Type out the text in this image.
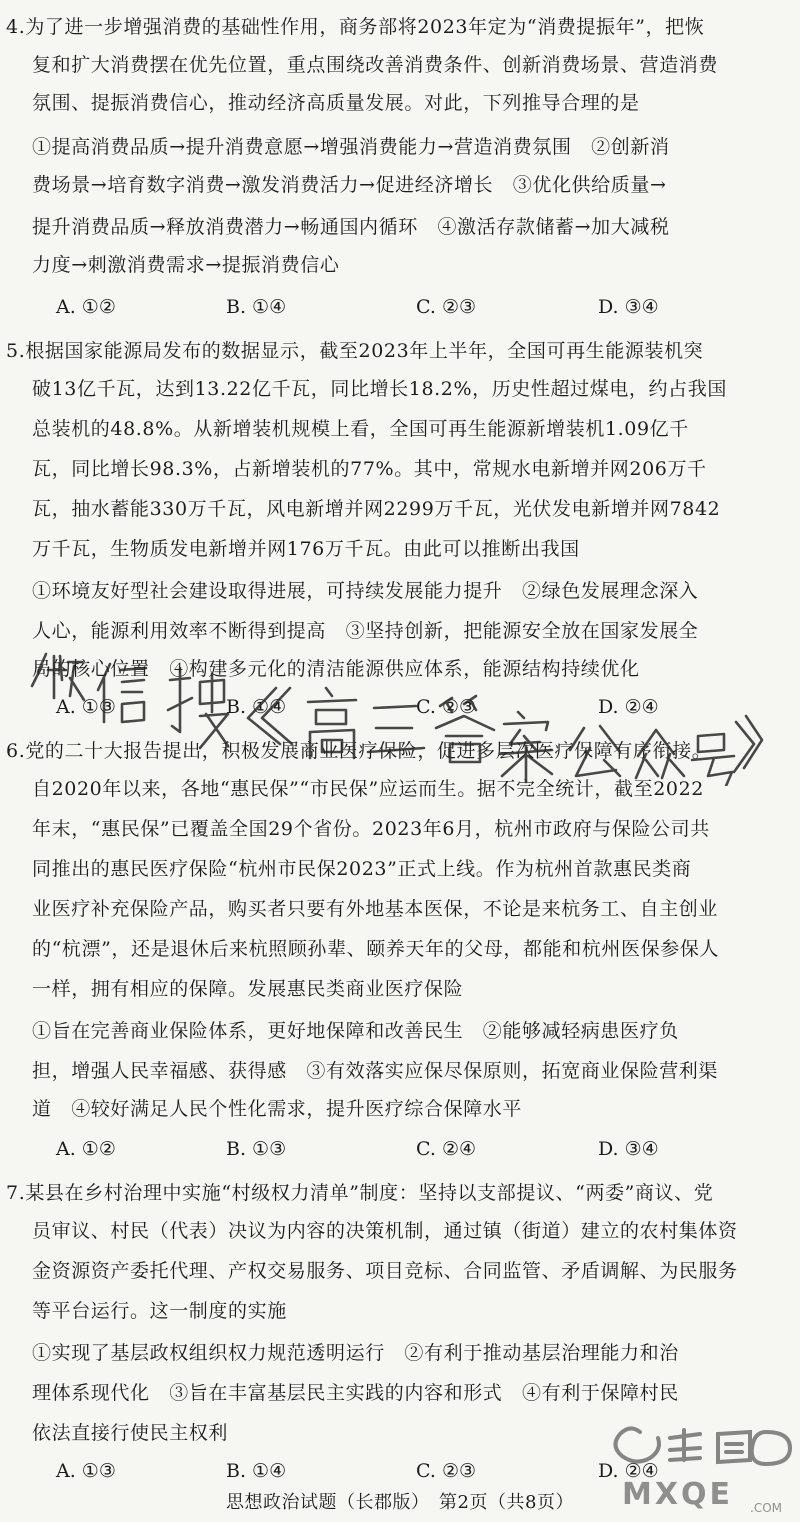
4.为了进一步增强消费的基础性作用，商务部将2023年定为“消费提振年”，把恢
复和扩大消费摆在优先位置，重点围绕改善消费条件、创新消费场景、营造消费
氛围、提振消费信心，推动经济高质量发展。对此，下列推导合理的是
①提高消费品质→提升消费意愿→增强消费能力→营造消费氛围　②创新消
费场景→培育数字消费→激发消费活力→促进经济增长　③优化供给质量→
提升消费品质→释放消费潜力→畅通国内循环　④激活存款储蓄→加大减税
力度→刺激消费需求→提振消费信心
A. ①②	B. ①④	C. ②③	D. ③④
5.根据国家能源局发布的数据显示，截至2023年上半年，全国可再生能源装机突
破13亿千瓦，达到13.22亿千瓦，同比增长18.2%，历史性超过煤电，约占我国
总装机的48.8%。从新增装机规模上看，全国可再生能源新增装机1.09亿千
瓦，同比增长98.3%，占新增装机的77%。其中，常规水电新增并网206万千
瓦，抽水蓄能330万千瓦，风电新增并网2299万千瓦，光伏发电新增并网7842
万千瓦，生物质发电新增并网176万千瓦。由此可以推断出我国
①环境友好型社会建设取得进展，可持续发展能力提升　②绿色发展理念深入
人心，能源利用效率不断得到提高　③坚持创新，把能源安全放在国家发展全
局的核心位置　④构建多元化的清洁能源供应体系，能源结构持续优化
A. ①③	B. ①④	C. ②③	D. ②④
6.党的二十大报告提出，积极发展商业医疗保险，促进多层次医疗保障有序衔接。
自2020年以来，各地“惠民保”“市民保”应运而生。据不完全统计，截至2022
年末，“惠民保”已覆盖全国29个省份。2023年6月，杭州市政府与保险公司共
同推出的惠民医疗保险“杭州市民保2023”正式上线。作为杭州首款惠民类商
业医疗补充保险产品，购买者只要有外地基本医保，不论是来杭务工、自主创业
的“杭漂”，还是退休后来杭照顾孙辈、颐养天年的父母，都能和杭州医保参保人
一样，拥有相应的保障。发展惠民类商业医疗保险
①旨在完善商业保险体系，更好地保障和改善民生　②能够减轻病患医疗负
担，增强人民幸福感、获得感　③有效落实应保尽保原则，拓宽商业保险营利渠
道　④较好满足人民个性化需求，提升医疗综合保障水平
A. ①②	B. ①③	C. ②④	D. ③④
7.某县在乡村治理中实施“村级权力清单”制度：坚持以支部提议、“两委”商议、党
员审议、村民（代表）决议为内容的决策机制，通过镇（街道）建立的农村集体资
金资源资产委托代理、产权交易服务、项目竞标、合同监管、矛盾调解、为民服务
等平台运行。这一制度的实施
①实现了基层政权组织权力规范透明运行　②有利于推动基层治理能力和治
理体系现代化　③旨在丰富基层民主实践的内容和形式　④有利于保障村民
依法直接行使民主权利
A. ①③	B. ①④	C. ②③	D. ②④
思想政治试题（长郡版）　第2页（共8页）	MXQE .COM
